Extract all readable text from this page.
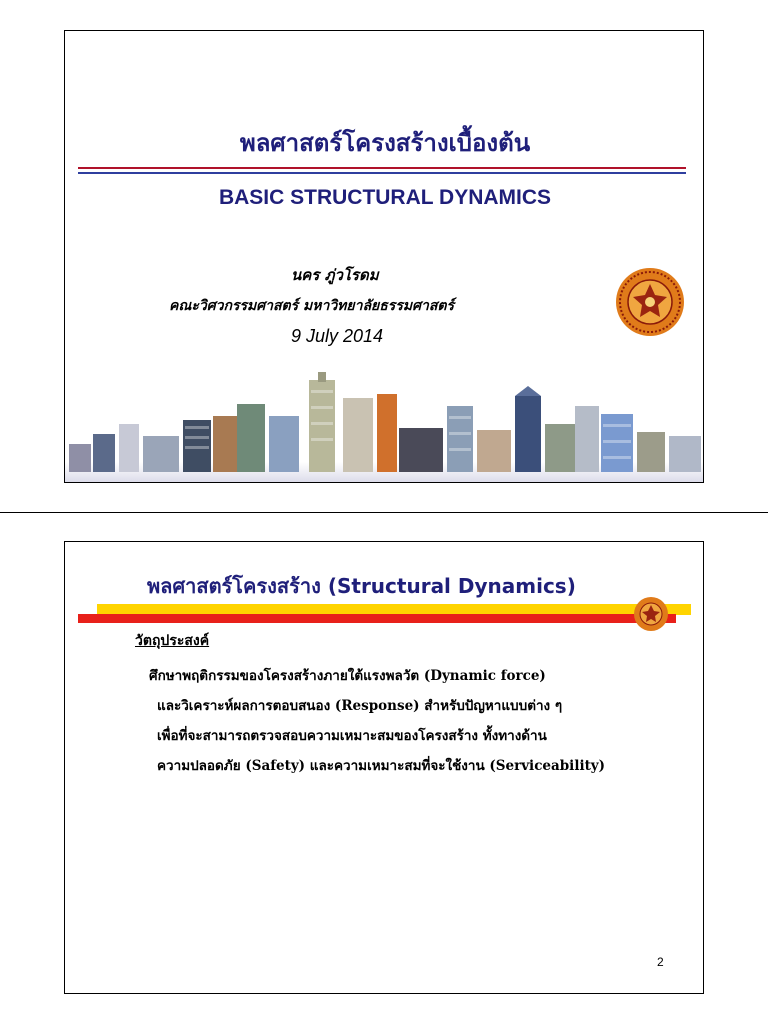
พลศาสตร์โครงสร้างเบื้องต้น
BASIC STRUCTURAL DYNAMICS
นคร ภู่วโรดม
คณะวิศวกรรมศาสตร์ มหาวิทยาลัยธรรมศาสตร์
9 July 2014
พลศาสตร์โครงสร้าง (Structural Dynamics)
วัตถุประสงค์
ศึกษาพฤติกรรมของโครงสร้างภายใต้แรงพลวัต (Dynamic force)
และวิเคราะห์ผลการตอบสนอง (Response) สำหรับปัญหาแบบต่าง ๆ
เพื่อที่จะสามารถตรวจสอบความเหมาะสมของโครงสร้าง ทั้งทางด้าน
ความปลอดภัย (Safety) และความเหมาะสมที่จะใช้งาน (Serviceability)
2
